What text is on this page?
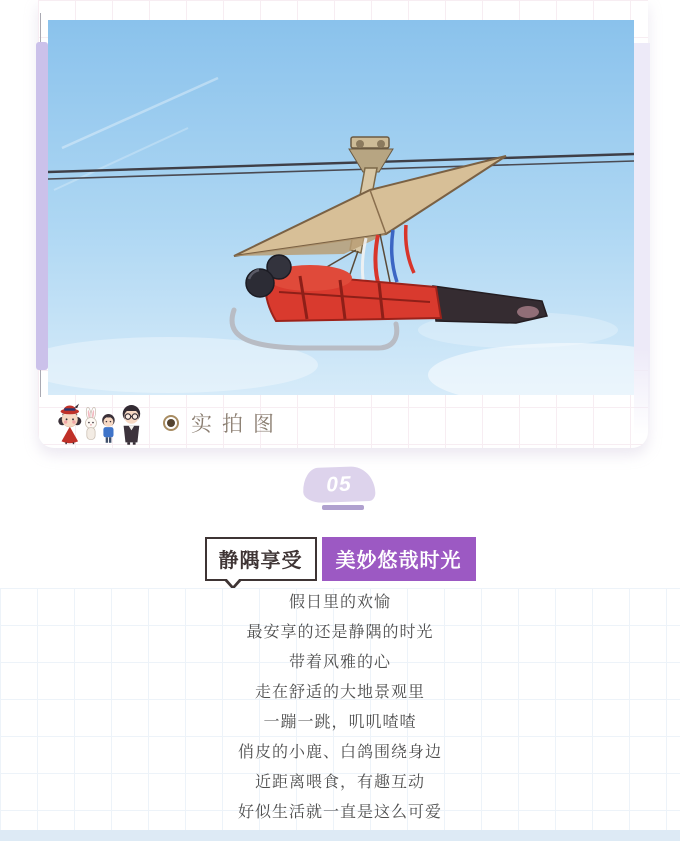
实拍图
05
静隅享受	美妙悠哉时光
假日里的欢愉
最安享的还是静隅的时光
带着风雅的心
走在舒适的大地景观里
一蹦一跳，叽叽喳喳
俏皮的小鹿、白鸽围绕身边
近距离喂食，有趣互动
好似生活就一直是这么可爱
